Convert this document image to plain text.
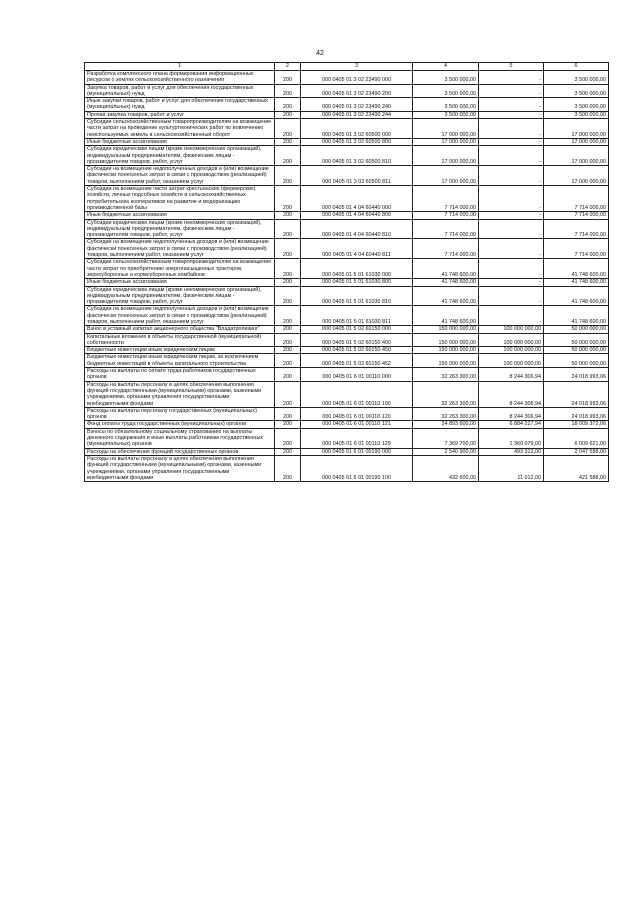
42
1	2	3	4	5	6
Разработка комплексного плана формирования информационных ресурсов о землях сельскохозяйственного назначения	200	000 0405 01 3 02 23490 000	3 500 000,00	-	3 500 000,00
Закупка товаров, работ и услуг для обеспечения государственных (муниципальных) нужд	200	000 0405 01 3 02 23490 200	3 500 000,00	-	3 500 000,00
Иные закупки товаров, работ и услуг для обеспечения государственных (муниципальных) нужд	200	000 0405 01 3 02 23490 240	3 500 000,00	-	3 500 000,00
Прочая закупка товаров, работ и услуг	200	000 0405 01 3 02 23490 244	3 500 000,00	-	3 500 000,00
Субсидии сельскохозяйственным товаропроизводителям на возмещение части затрат на проведение культуртехнических работ по вовлечению неиспользуемых земель в сельскохозяйственный оборот	200	000 0405 01 3 02 60500 000	17 000 000,00	-	17 000 000,00
Иные бюджетные ассигнования	200	000 0405 01 3 02 60500 800	17 000 000,00	-	17 000 000,00
Субсидии юридическим лицам (кроме некоммерческих организаций), индивидуальным предпринимателям, физическим лицам - производителям товаров, работ, услуг	200	000 0405 01 3 02 60500 810	17 000 000,00	-	17 000 000,00
Субсидии на возмещение недополученных доходов и (или) возмещение фактически понесенных затрат в связи с производством (реализацией) товаров, выполнением работ, оказанием услуг	200	000 0405 01 3 02 60500 811	17 000 000,00	-	17 000 000,00
Субсидии на возмещение части затрат крестьянских (фермерских) хозяйств, личных подсобных хозяйств и сельскохозяйственных потребительских кооперативов на развитие и модернизацию производственной базы	200	000 0405 01 4 04 60440 000	7 714 000,00	-	7 714 000,00
Иные бюджетные ассигнования	200	000 0405 01 4 04 60440 800	7 714 000,00	-	7 714 000,00
Субсидии юридическим лицам (кроме некоммерческих организаций), индивидуальным предпринимателям, физическим лицам - производителям товаров, работ, услуг	200	000 0405 01 4 04 60440 810	7 714 000,00	-	7 714 000,00
Субсидии на возмещение недополученных доходов и (или) возмещение фактически понесенных затрат в связи с производством (реализацией) товаров, выполнением работ, оказанием услуг	200	000 0405 01 4 04 60440 811	7 714 000,00	-	7 714 000,00
Субсидии сельскохозяйственным товаропроизводителям на возмещение части затрат по приобретению энергонасыщенных тракторов, зерноуборочных и кормоуборочных комбайнов	200	000 0405 01 5 01 61030 000	41 748 600,00	-	41 748 600,00
Иные бюджетные ассигнования	200	000 0405 01 5 01 61030 800	41 748 600,00	-	41 748 600,00
Субсидии юридическим лицам (кроме некоммерческих организаций), индивидуальным предпринимателям, физическим лицам - производителям товаров, работ, услуг	200	000 0405 01 5 01 61030 810	41 748 600,00	-	41 748 600,00
Субсидии на возмещение недополученных доходов и (или) возмещение фактически понесенных затрат в связи с производством (реализацией) товаров, выполнением работ, оказанием услуг	200	000 0405 01 5 01 61030 811	41 748 600,00	-	41 748 600,00
Взнос в уставный капитал акционерного общества "Владагролизинг"	200	000 0405 01 5 02 60150 000	150 000 000,00	100 000 000,00	50 000 000,00
Капитальные вложения в объекты государственной (муниципальной) собственности	200	000 0405 01 5 02 60150 400	150 000 000,00	100 000 000,00	50 000 000,00
Бюджетные инвестиции иным юридическим лицам	200	000 0405 01 5 02 60150 450	150 000 000,00	100 000 000,00	50 000 000,00
Бюджетные инвестиции иным юридическим лицам, за исключением бюджетных инвестиций в объекты капитального строительства	200	000 0405 01 5 02 60150 452	150 000 000,00	100 000 000,00	50 000 000,00
Расходы на выплаты по оплате труда работников государственных органов	200	000 0405 01 6 01 00110 000	32 263 300,00	8 244 306,94	24 018 993,06
Расходы на выплаты персоналу в целях обеспечения выполнения функций государственными (муниципальными) органами, казенными учреждениями, органами управления государственными внебюджетными фондами	200	000 0405 01 6 01 00110 100	32 263 300,00	8 244 306,94	24 018 993,06
Расходы на выплаты персоналу государственных (муниципальных) органов	200	000 0405 01 6 01 00110 120	32 263 300,00	8 244 306,94	24 018 993,06
Фонд оплаты труда государственных (муниципальных) органов	200	000 0405 01 6 01 00110 121	24 893 600,00	6 884 227,94	18 009 372,06
Взносы по обязательному социальному страхованию на выплаты денежного содержания и иные выплаты работникам государственных (муниципальных) органов	200	000 0405 01 6 01 00110 129	7 369 700,00	1 360 079,00	6 009 621,00
Расходы на обеспечение функций государственных органов	200	000 0405 01 6 01 00190 000	2 540 900,00	493 312,00	2 047 588,00
Расходы на выплаты персоналу в целях обеспечения выполнения функций государственными (муниципальными) органами, казенными учреждениями, органами управления государственными внебюджетными фондами	200	000 0405 01 6 01 00190 100	432 600,00	11 012,00	421 588,00
